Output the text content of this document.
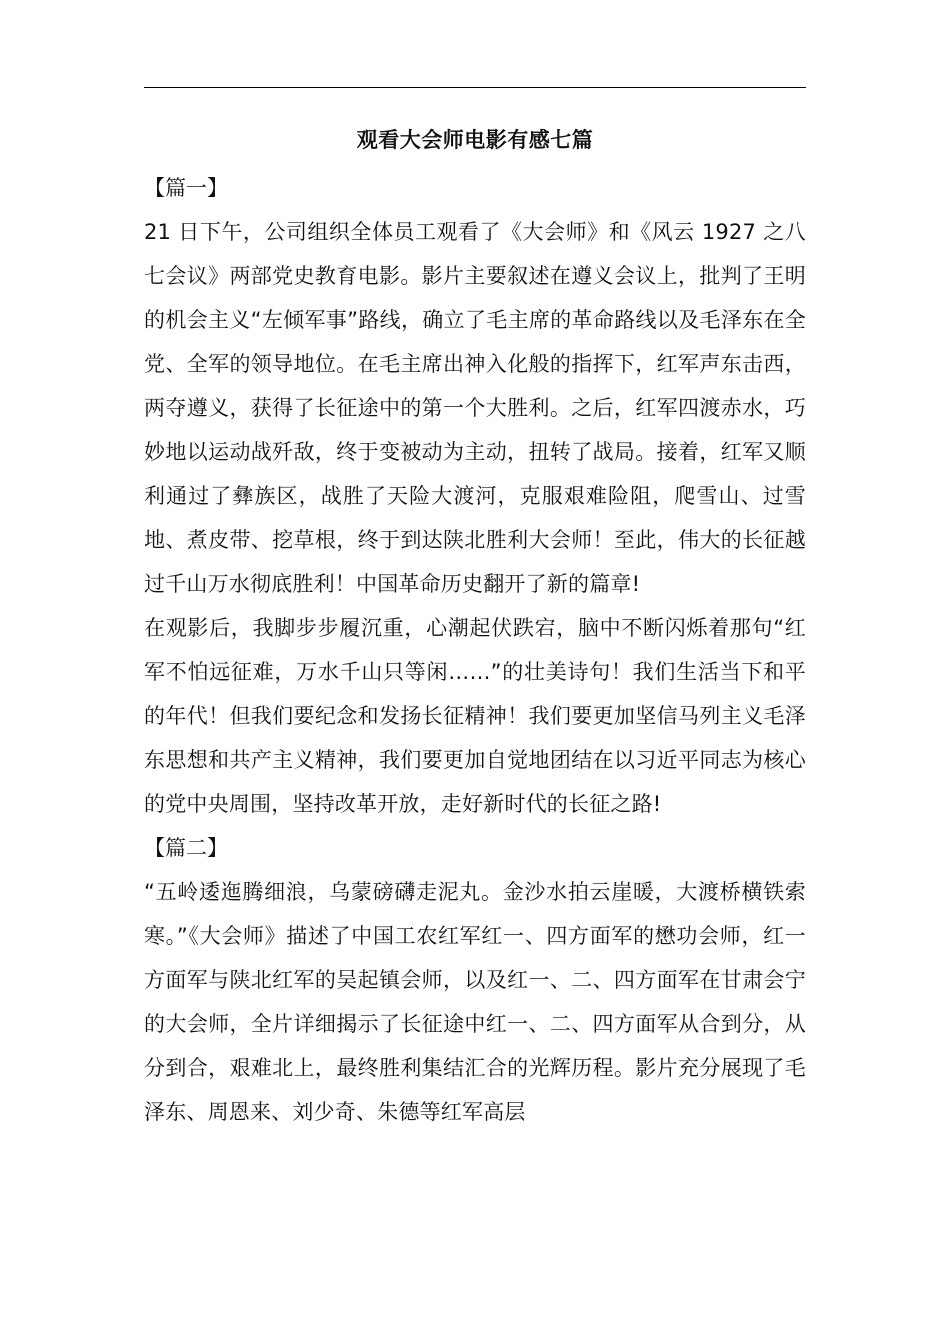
观看大会师电影有感七篇
【篇一】

21 日下午，公司组织全体员工观看了《大会师》和《风云 1927 之八七会议》两部党史教育电影。影片主要叙述在遵义会议上，批判了王明的机会主义“左倾军事”路线，确立了毛主席的革命路线以及毛泽东在全党、全军的领导地位。在毛主席出神入化般的指挥下，红军声东击西，两夺遵义，获得了长征途中的第一个大胜利。之后，红军四渡赤水，巧妙地以运动战歼敌，终于变被动为主动，扭转了战局。接着，红军又顺利通过了彝族区，战胜了天险大渡河，克服艰难险阻，爬雪山、过雪地、煮皮带、挖草根，终于到达陕北胜利大会师！至此，伟大的长征越过千山万水彻底胜利！中国革命历史翻开了新的篇章!

在观影后，我脚步步履沉重，心潮起伏跌宕，脑中不断闪烁着那句“红军不怕远征难，万水千山只等闲……”的壮美诗句！我们生活当下和平的年代！但我们要纪念和发扬长征精神！我们要更加坚信马列主义毛泽东思想和共产主义精神，我们要更加自觉地团结在以习近平同志为核心的党中央周围，坚持改革开放，走好新时代的长征之路!

【篇二】

“五岭逶迤腾细浪，乌蒙磅礴走泥丸。金沙水拍云崖暖，大渡桥横铁索寒。”《大会师》描述了中国工农红军红一、四方面军的懋功会师，红一方面军与陕北红军的吴起镇会师，以及红一、二、四方面军在甘肃会宁的大会师，全片详细揭示了长征途中红一、二、四方面军从合到分，从分到合，艰难北上，最终胜利集结汇合的光辉历程。影片充分展现了毛泽东、周恩来、刘少奇、朱德等红军高层
